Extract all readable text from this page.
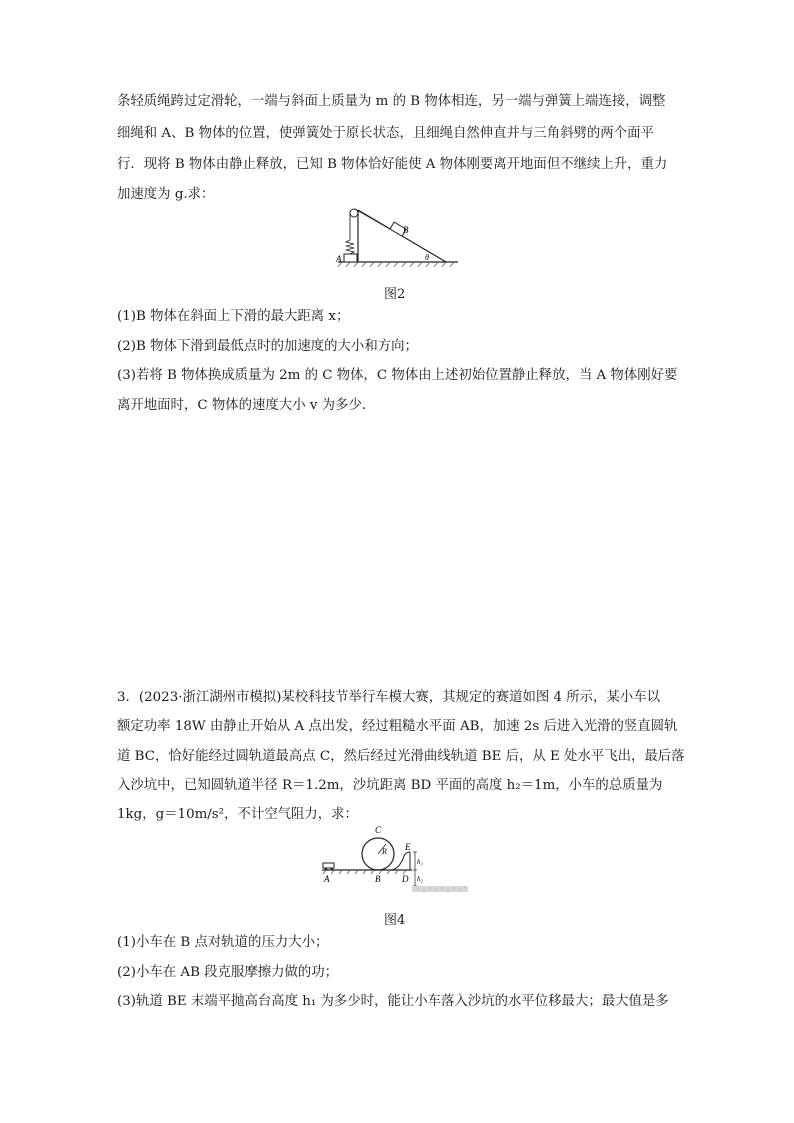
条轻质绳跨过定滑轮，一端与斜面上质量为 m 的 B 物体相连，另一端与弹簧上端连接，调整
细绳和 A、B 物体的位置，使弹簧处于原长状态，且细绳自然伸直并与三角斜劈的两个面平
行．现将 B 物体由静止释放，已知 B 物体恰好能使 A 物体刚要离开地面但不继续上升，重力
加速度为 g.求：
A
B
θ
图2
(1)B 物体在斜面上下滑的最大距离 x；
(2)B 物体下滑到最低点时的加速度的大小和方向；
(3)若将 B 物体换成质量为 2m 的 C 物体，C 物体由上述初始位置静止释放，当 A 物体刚好要
离开地面时，C 物体的速度大小 v 为多少．
3．(2023·浙江湖州市模拟)某校科技节举行车模大赛，其规定的赛道如图 4 所示，某小车以
额定功率 18W 由静止开始从 A 点出发，经过粗糙水平面 AB，加速 2s 后进入光滑的竖直圆轨
道 BC，恰好能经过圆轨道最高点 C，然后经过光滑曲线轨道 BE 后，从 E 处水平飞出，最后落
入沙坑中，已知圆轨道半径 R＝1.2m，沙坑距离 BD 平面的高度 h₂＝1m，小车的总质量为
1kg，g＝10m/s²，不计空气阻力，求：
A	B
C
R
D
E
h₁
h₂
图4
(1)小车在 B 点对轨道的压力大小；
(2)小车在 AB 段克服摩擦力做的功；
(3)轨道 BE 末端平抛高台高度 h₁ 为多少时，能让小车落入沙坑的水平位移最大；最大值是多
